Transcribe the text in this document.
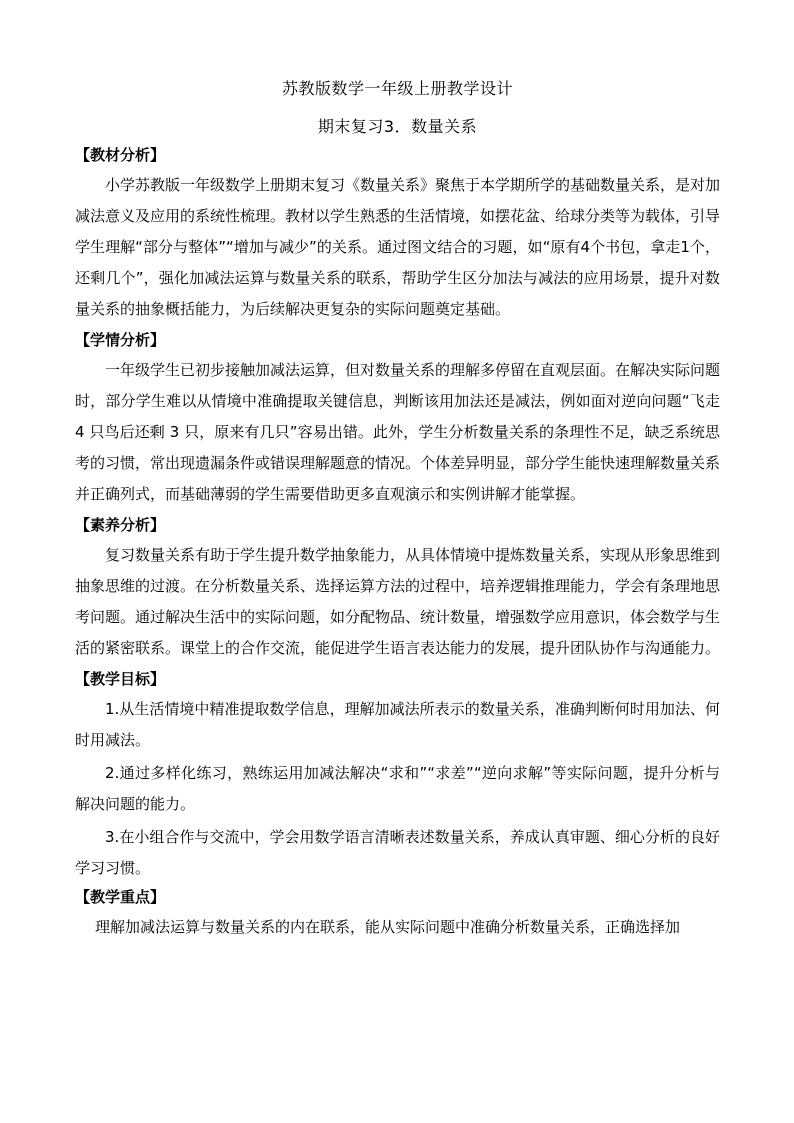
苏教版数学一年级上册教学设计
期末复习3．数量关系
【教材分析】

小学苏教版一年级数学上册期末复习《数量关系》聚焦于本学期所学的基础数量关系，是对加减法意义及应用的系统性梳理。教材以学生熟悉的生活情境，如摆花盆、给球分类等为载体，引导学生理解“部分与整体”“增加与减少”的关系。通过图文结合的习题，如“原有4个书包，拿走1个，还剩几个”，强化加减法运算与数量关系的联系，帮助学生区分加法与减法的应用场景，提升对数量关系的抽象概括能力，为后续解决更复杂的实际问题奠定基础。

【学情分析】

一年级学生已初步接触加减法运算，但对数量关系的理解多停留在直观层面。在解决实际问题时，部分学生难以从情境中准确提取关键信息，判断该用加法还是减法，例如面对逆向问题“飞走 4 只鸟后还剩 3 只，原来有几只”容易出错。此外，学生分析数量关系的条理性不足，缺乏系统思考的习惯，常出现遗漏条件或错误理解题意的情况。个体差异明显，部分学生能快速理解数量关系并正确列式，而基础薄弱的学生需要借助更多直观演示和实例讲解才能掌握。

【素养分析】

复习数量关系有助于学生提升数学抽象能力，从具体情境中提炼数量关系，实现从形象思维到抽象思维的过渡。在分析数量关系、选择运算方法的过程中，培养逻辑推理能力，学会有条理地思考问题。通过解决生活中的实际问题，如分配物品、统计数量，增强数学应用意识，体会数学与生活的紧密联系。课堂上的合作交流，能促进学生语言表达能力的发展，提升团队协作与沟通能力。

【教学目标】

1.从生活情境中精准提取数学信息，理解加减法所表示的数量关系，准确判断何时用加法、何时用减法。

2.通过多样化练习，熟练运用加减法解决“求和”“求差”“逆向求解”等实际问题，提升分析与解决问题的能力。

3.在小组合作与交流中，学会用数学语言清晰表述数量关系，养成认真审题、细心分析的良好学习习惯。

【教学重点】

理解加减法运算与数量关系的内在联系，能从实际问题中准确分析数量关系，正确选择加
